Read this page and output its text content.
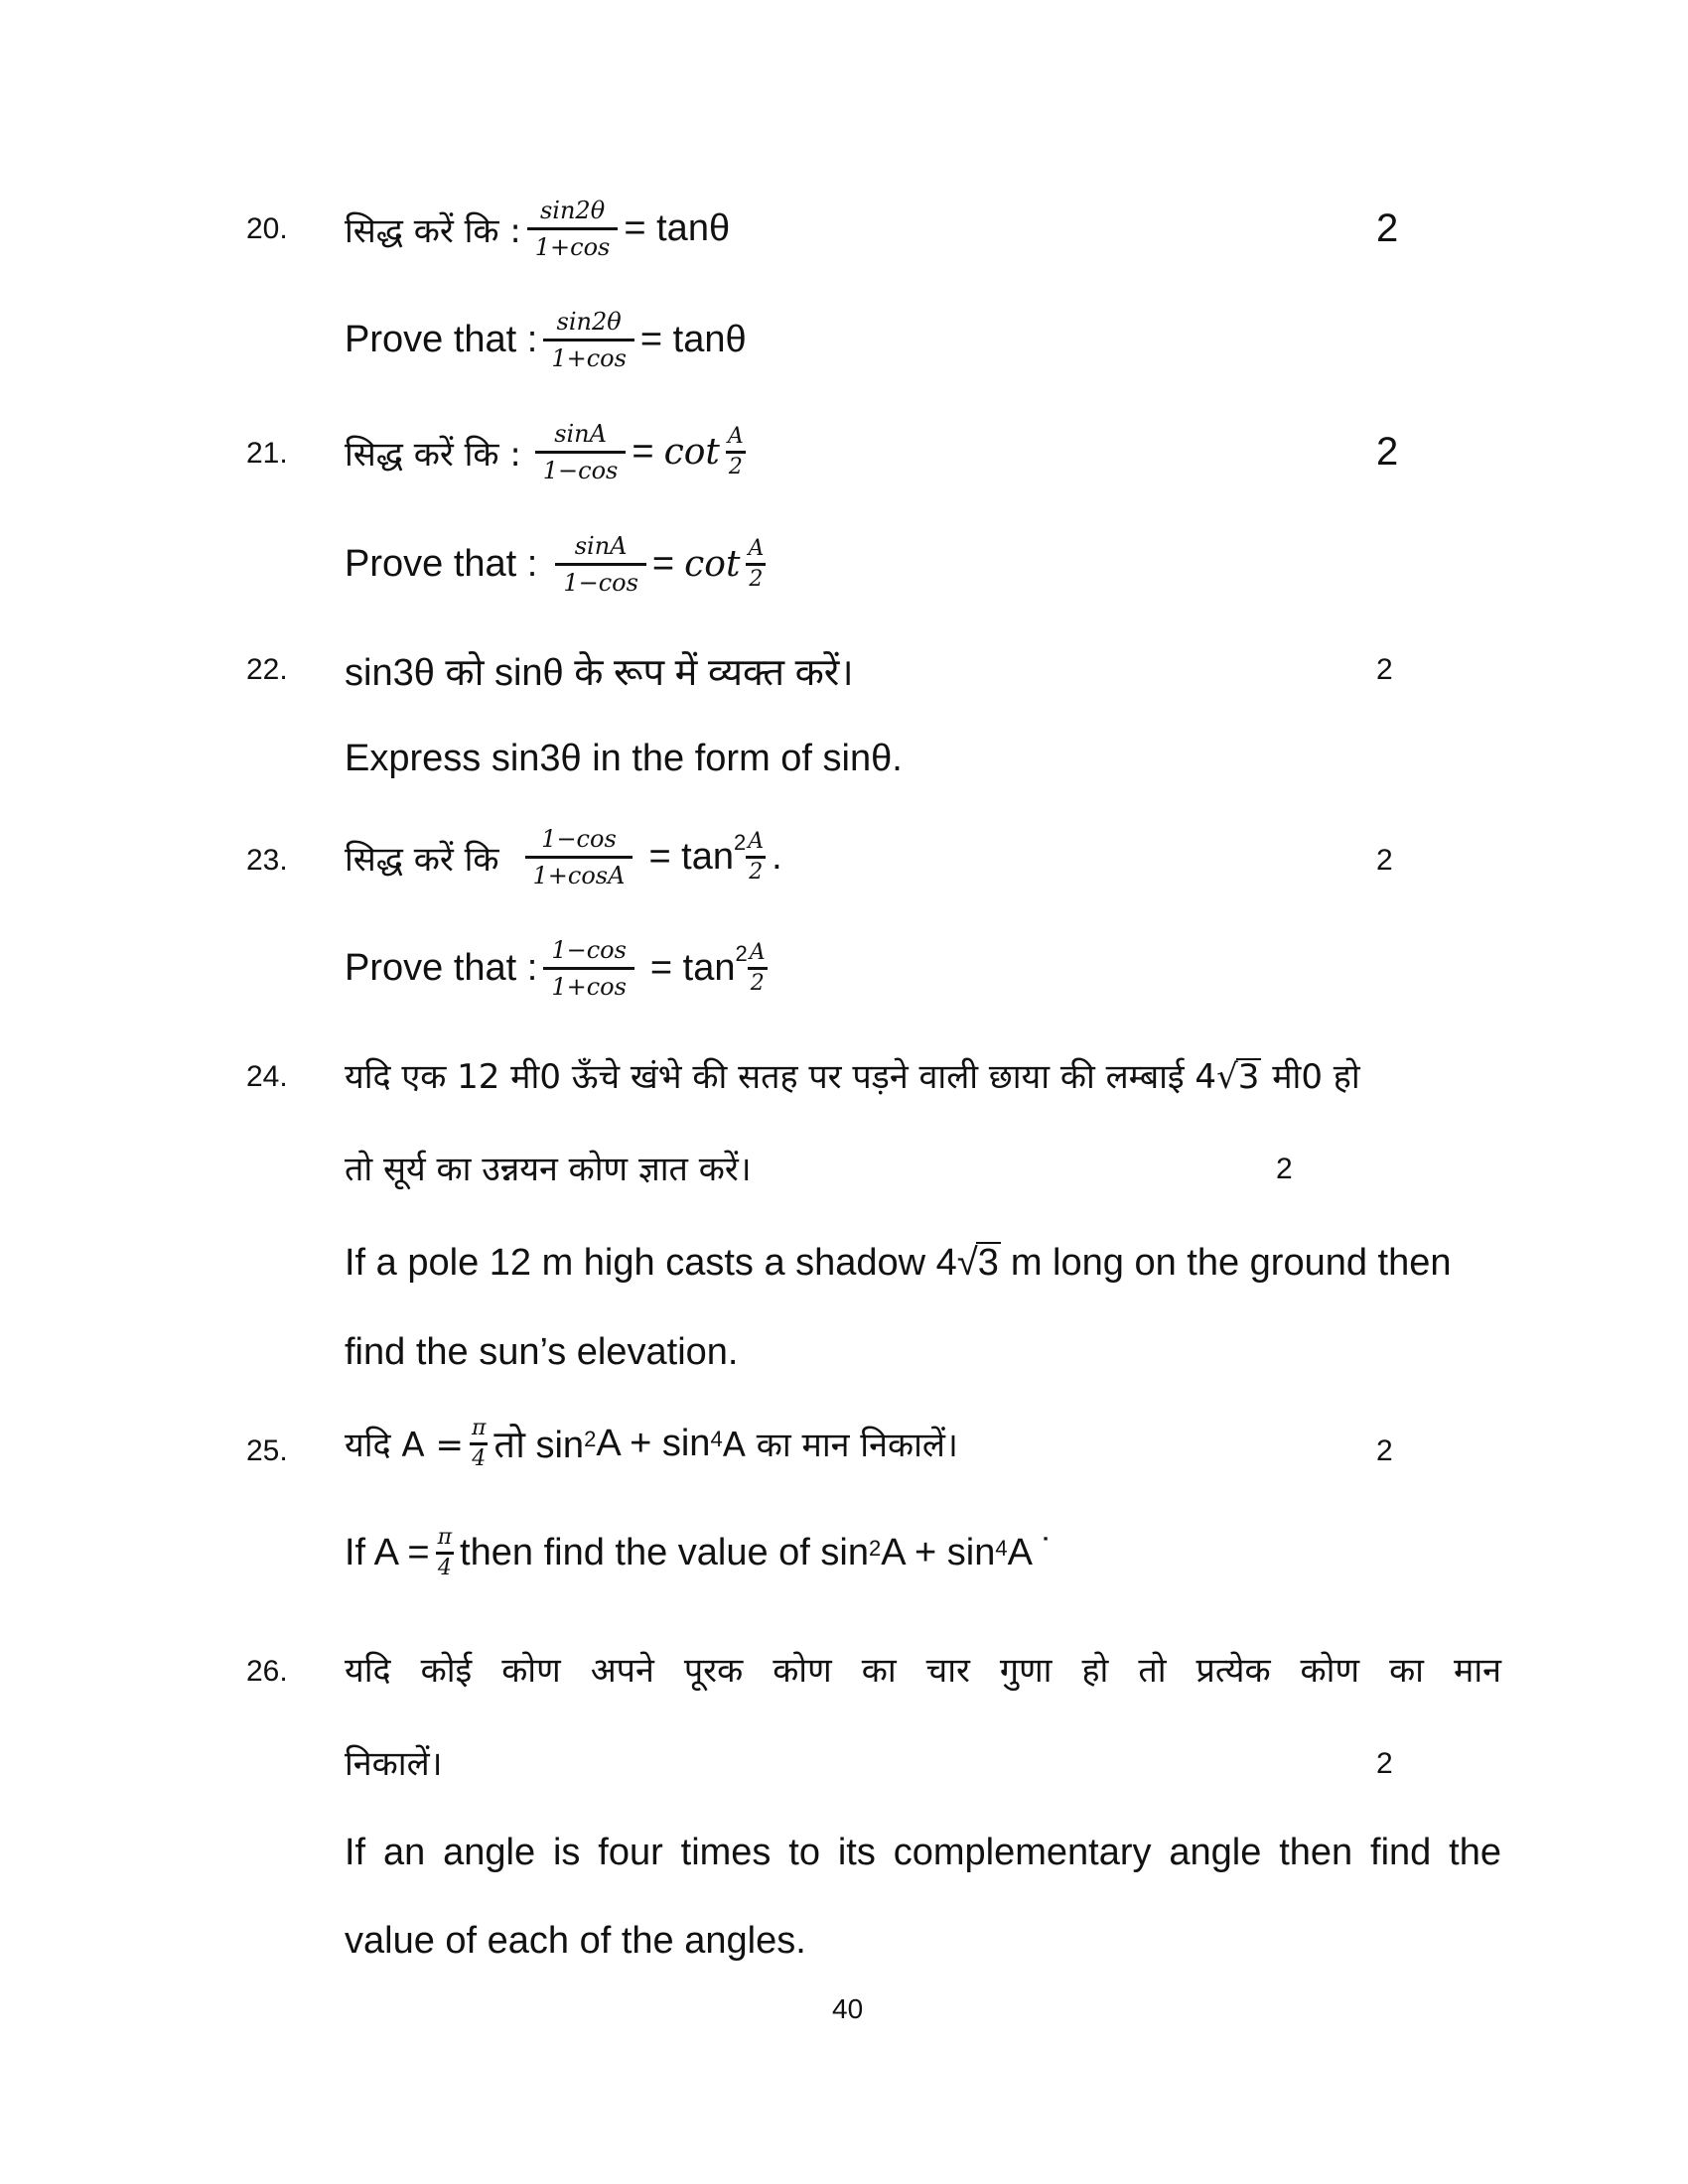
20. सिद्ध करें कि : $\frac{\sin 2\theta}{1+\cos} = \tan\theta$	2
Prove that : $\frac{\sin 2\theta}{1+\cos} = \tan\theta$
21. सिद्ध करें कि : $\frac{\sin A}{1-\cos} = \cot \frac{A}{2}$	2
Prove that : $\frac{\sin A}{1-\cos} = \cot \frac{A}{2}$
22. sin3θ को sinθ के रूप में व्यक्त करें।	2
Express sin3θ in the form of sinθ.
23. सिद्ध करें कि $\frac{1-\cos}{1+\cos A} = \tan^2 \frac{A}{2}$ .	2
Prove that : $\frac{1-\cos}{1+\cos} = \tan^2 \frac{A}{2}$
24. यदि एक 12 मी0 ऊँचे खंभे की सतह पर पड़ने वाली छाया की लम्बाई 4√3 मी0 हो
तो सूर्य का उन्नयन कोण ज्ञात करें।	2
If a pole 12 m high casts a shadow 4 √ 3 m long on the ground then
find the sun’s elevation.
25. यदि $A = \frac{\pi}{4}$ तो sin 2 A + sin 4 A का मान निकालें।	2
If $A = \frac{\pi}{4}$ then find the value of sin 2 A + sin 4 A ˙
26. यदि कोई कोण अपने पूरक कोण का चार गुणा हो तो प्रत्येक कोण का मान
निकालें।	2
If an angle is four times to its complementary angle then find the
value of each of the angles.
40
